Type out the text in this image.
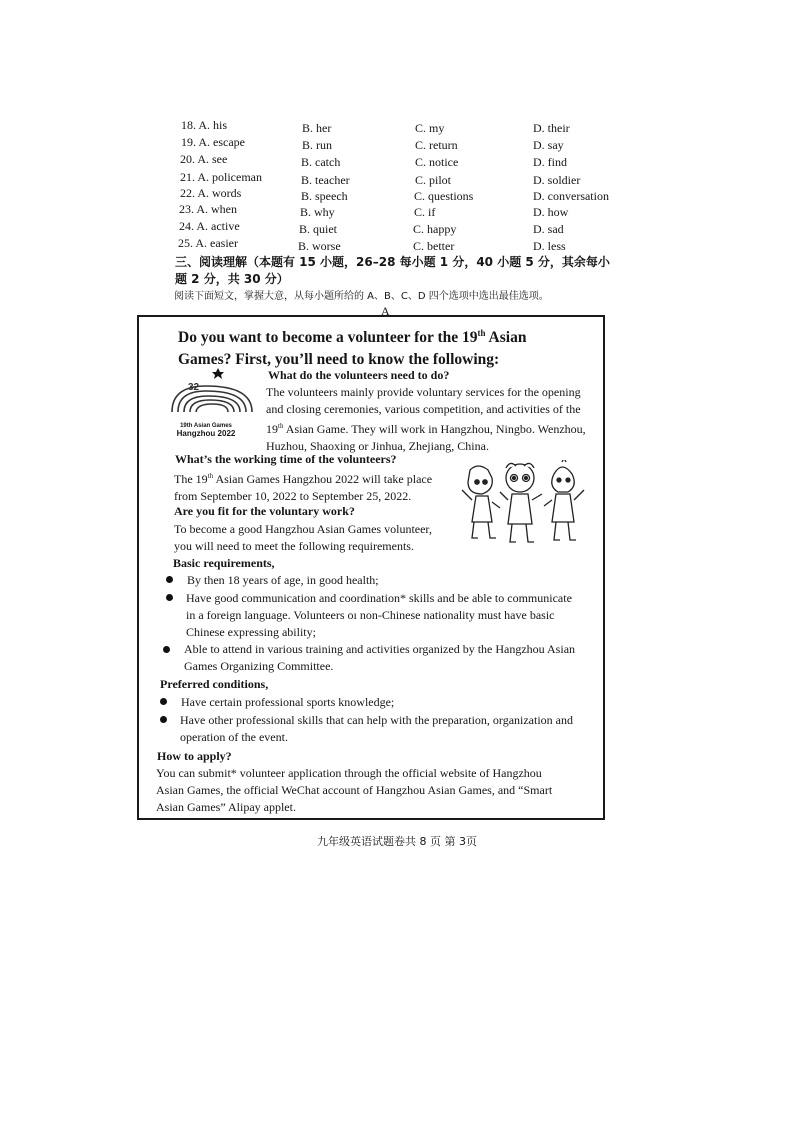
18. A. his	B. her	C. my	D. their
19. A. escape	B. run	C. return	D. say
20. A. see	B. catch	C. notice	D. find
21. A. policeman	B. teacher	C. pilot	D. soldier
22. A. words	B. speech	C. questions	D. conversation
23. A. when	B. why	C. if	D. how
24. A. active	B. quiet	C. happy	D. sad
25. A. easier	B. worse	C. better	D. less
三、阅读理解（本题有 15 小题，26–28 每小题 1 分，40 小题 5 分，其余每小题 2 分，共 30 分）
阅读下面短文，掌握大意，从每小题所给的 A、B、C、D 四个选项中选出最佳选项。
A
Do you want to become a volunteer for the 19th Asian
Games? First, you’ll need to know the following:
32
19th Asian Games
Hangzhou 2022
What do the volunteers need to do?
The volunteers mainly provide voluntary services for the opening
and closing ceremonies, various competition, and activities of the
19th Asian Game. They will work in Hangzhou, Ningbo. Wenzhou,
Huzhou, Shaoxing or Jinhua, Zhejiang, China.
What’s the working time of the volunteers?
The 19th Asian Games Hangzhou 2022 will take place
from September 10, 2022 to September 25, 2022.
Are you fit for the voluntary work?
To become a good Hangzhou Asian Games volunteer,
you will need to meet the following requirements.
Basic requirements,
By then 18 years of age, in good health;
Have good communication and coordination* skills and be able to communicate
in a foreign language. Volunteers oı non-Chinese nationality must have basic
Chinese expressing ability;
Able to attend in various training and activities organized by the Hangzhou Asian
Games Organizing Committee.
Preferred conditions,
Have certain professional sports knowledge;
Have other professional skills that can help with the preparation, organization and
operation of the event.
How to apply?
You can submit* volunteer application through the official website of Hangzhou
Asian Games, the official WeChat account of Hangzhou Asian Games, and “Smart
Asian Games” Alipay applet.
九年级英语试题卷共 8 页 第 3页
